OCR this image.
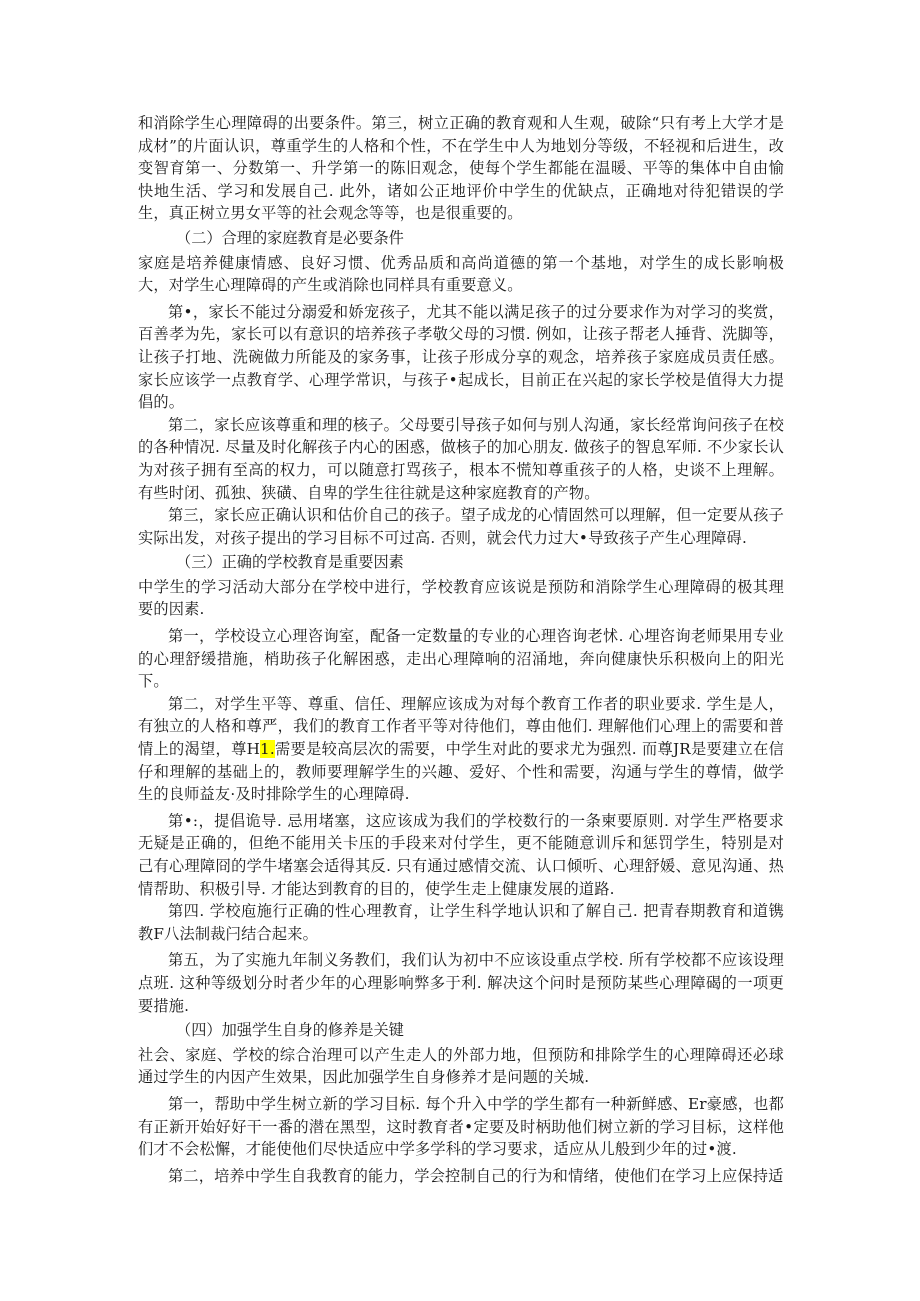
和消除学生心理障碍的出要条件。第三，树立正确的教育观和人生观，破除“只有考上大学才是成材”的片面认识，尊重学生的人格和个性，不在学生中人为地划分等级，不轻视和后进生，改变智育第一、分数第一、升学第一的陈旧观念，使每个学生都能在温暖、平等的集体中自由愉快地生活、学习和发展自己. 此外，诸如公正地评价中学生的优缺点，正确地对待犯错误的学生，真正树立男女平等的社会观念等等，也是很重要的。

（二）合理的家庭教育是必要条件

家庭是培养健康情感、良好习惯、优秀品质和高尚道德的第一个基地，对学生的成长影响极大，对学生心理障碍的产生或消除也同样具有重要意义。

第•，家长不能过分溺爱和娇宠孩子，尤其不能以满足孩子的过分要求作为对学习的奖赏，百善孝为先，家长可以有意识的培养孩子孝敬父母的习惯. 例如，让孩子帮老人捶背、洗脚等，让孩子打地、洗碗做力所能及的家务事，让孩子形成分享的观念，培养孩子家庭成员责任感。家长应该学一点教育学、心理学常识，与孩子•起成长，目前正在兴起的家长学校是值得大力提倡的。

第二，家长应该尊重和理的核子。父母要引导孩子如何与别人沟通，家长经常询问孩子在校的各种情况. 尽量及时化解孩子内心的困惑，做核子的加心朋友. 做孩子的智息军师. 不少家长认为对孩子拥有至高的权力，可以随意打骂孩子，根本不慌知尊重孩子的人格，史谈不上理解。有些时闭、孤独、狭磺、自卑的学生往往就是这种家庭教育的产物。

第三，家长应正确认识和估价自己的孩子。望子成龙的心情固然可以理解，但一定要从孩子实际出发，对孩子提出的学习目标不可过高. 否则，就会代力过大•导致孩子产生心理障碍.

（三）正确的学校教育是重要因素

中学生的学习活动大部分在学校中进行，学校教育应该说是预防和消除学生心理障碍的极其理要的因素.

第一，学校设立心理咨询室，配备一定数量的专业的心理咨询老怵. 心埋咨询老师果用专业的心理舒缓措施，梢助孩子化解困惑，走出心理障响的沼涌地，奔向健康快乐积极向上的阳光下。

第二，对学生平等、尊重、信任、理解应该成为对每个教育工作者的职业要求. 学生是人，有独立的人格和尊严，我们的教育工作者平等对待他们，尊由他们. 理解他们心理上的需要和普情上的渴望，尊H1.需要是较高层次的需要，中学生对此的要求尤为强烈. 而尊JR是要建立在信仔和理解的基础上的，教师要理解学生的兴趣、爱好、个性和需要，沟通与学生的尊情，做学生的良师益友·及时排除学生的心理障碍.

第•:，提倡诡导. 忌用堵塞，这应该成为我们的学校数行的一条柬要原则. 对学生严格要求无疑是正确的，但绝不能用关卡压的手段来对付学生，更不能随意训斥和惩罚学生，特别是对己有心理障冏的学牛堵塞会适得其反. 只有通过感情交流、认口倾听、心理舒媛、意见沟通、热情帮助、积极引导. 才能达到教育的目的，使学生走上健康发展的道路.

第四. 学校庖施行正确的性心理教育，让学生科学地认识和了解自己. 把青春期教育和道镌教F八法制裁闩结合起来。

第五，为了实施九年制义务教们，我们认为初中不应该设重点学校. 所有学校都不应该设理点班. 这种等级划分时者少年的心理影响弊多于利. 解决这个问时是预防某些心理障碣的一项更要措施.

（四）加强学生自身的修养是关键

社会、家庭、学校的综合治理可以产生走人的外部力地，但预防和排除学生的心理障碍还必球通过学生的内因产生效果，因此加强学生自身修养才是问题的关城.

第一，帮助中学生树立新的学习目标. 每个升入中学的学生都有一种新鲜感、Er豪感，也都有正新开始好好干一番的潜在黑型，这时教育者•定要及时柄助他们树立新的学习目标，这样他们才不会松懈，才能使他们尽快适应中学多学科的学习要求，适应从儿般到少年的过•渡.

第二，培养中学生自我教育的能力，学会控制自己的行为和情绪，使他们在学习上应保持适
